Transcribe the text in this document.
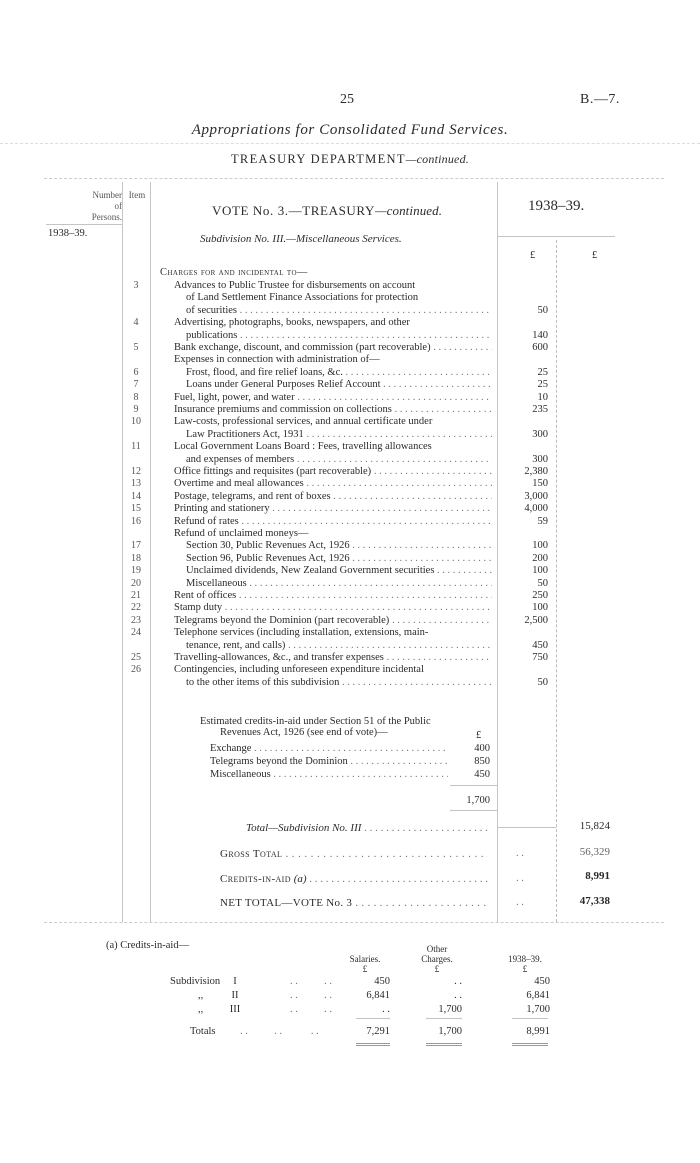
25	B.—7.
Appropriations for Consolidated Fund Services.
TREASURY DEPARTMENT—continued.
Number
of
Persons.
Item
1938–39.
VOTE No. 3.—TREASURY—continued.	1938–39.
Subdivision No. III.—Miscellaneous Services.
£	£
Charges for and incidental to—
3	Advances to Public Trustee for disbursements on account
of Land Settlement Finance Associations for protection
of securities . . .	50
4	Advertising, photographs, books, newspapers, and other
publications . . .	140
5	Bank exchange, discount, and commission (part recoverable) . . .	600
Expenses in connection with administration of—
6	Frost, flood, and fire relief loans, &c. . . .	25
7	Loans under General Purposes Relief Account . . .	25
8	Fuel, light, power, and water . . .	10
9	Insurance premiums and commission on collections . . .	235
10	Law-costs, professional services, and annual certificate under
Law Practitioners Act, 1931 . . .	300
11	Local Government Loans Board : Fees, travelling allowances
and expenses of members . . .	300
12	Office fittings and requisites (part recoverable) . . .	2,380
13	Overtime and meal allowances . . .	150
14	Postage, telegrams, and rent of boxes . . .	3,000
15	Printing and stationery . . .	4,000
16	Refund of rates . . .	59
Refund of unclaimed moneys—
17	Section 30, Public Revenues Act, 1926 . . .	100
18	Section 96, Public Revenues Act, 1926 . . .	200
19	Unclaimed dividends, New Zealand Government securities . . .	100
20	Miscellaneous . . .	50
21	Rent of offices . . .	250
22	Stamp duty . . .	100
23	Telegrams beyond the Dominion (part recoverable) . . .	2,500
24	Telephone services (including installation, extensions, main-
tenance, rent, and calls) . . .	450
25	Travelling-allowances, &c., and transfer expenses . . .	750
26	Contingencies, including unforeseen expenditure incidental
to the other items of this subdivision . . .	50
Estimated credits-in-aid under Section 51 of the Public
Revenues Act, 1926 (see end of vote)—	£
Exchange . . .	400
Telegrams beyond the Dominion . . .	850
Miscellaneous . . .	450
1,700
Total—Subdivision No. III . . .	15,824
Gross Total . . .	. .	56,329
Credits-in-aid (a) . . .	. .	8,991
NET TOTAL—VOTE No. 3 . . .	. .	47,338
(a) Credits-in-aid—	Other
Charges.
£
Salaries.
£
1938–39.
£
Subdivision	I	. .          . .	450	. .	450
,,	II	. .          . .	6,841	. .	6,841
,,	III	. .          . .	. .	1,700	1,700
Totals . .          . .           . .	7,291	1,700	8,991
